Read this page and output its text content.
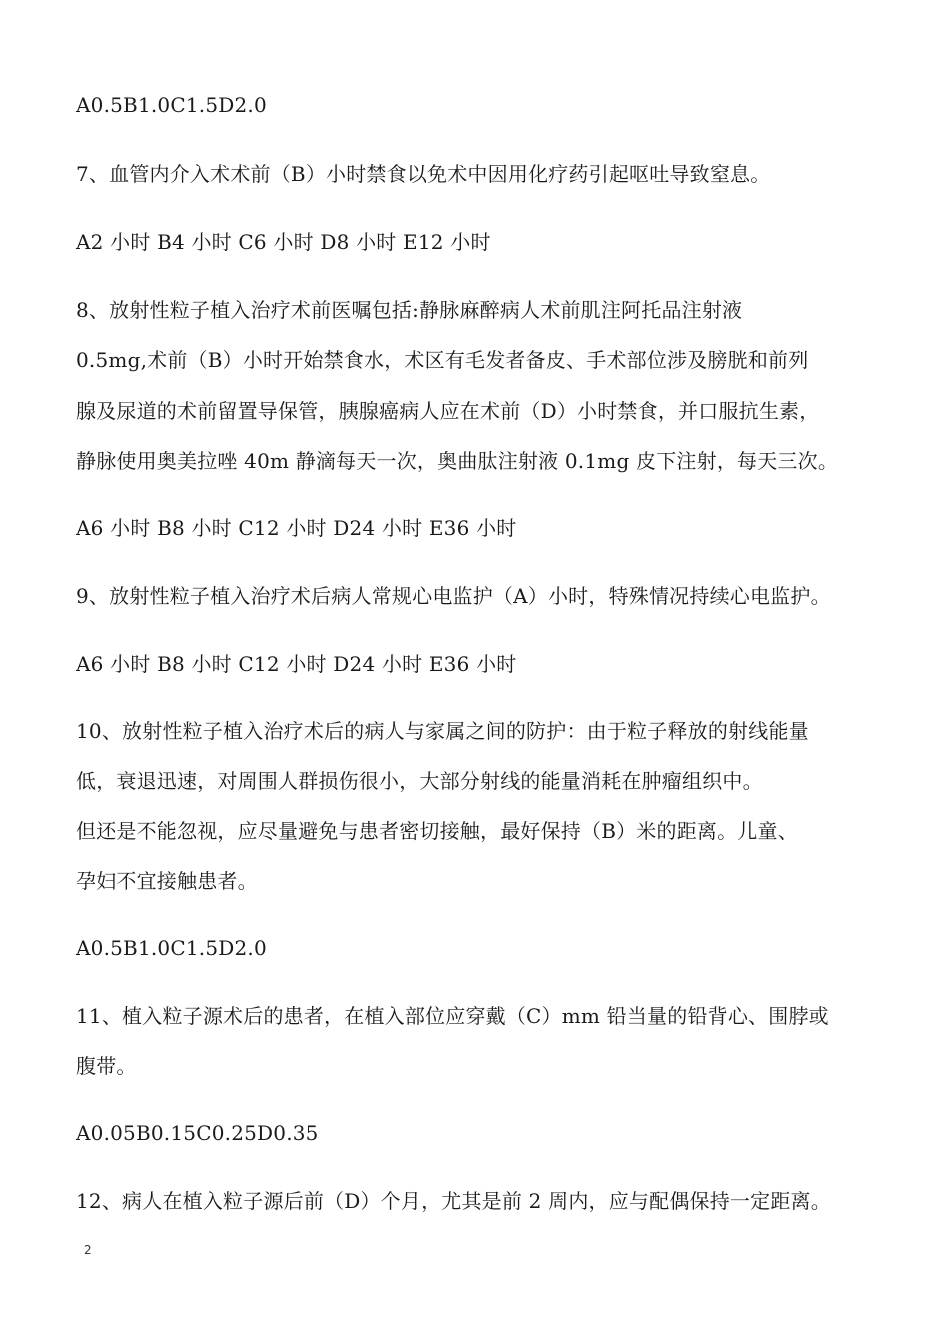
A0.5B1.0C1.5D2.0
7、血管内介入术术前（B）小时禁食以免术中因用化疗药引起呕吐导致窒息。
A2 小时 B4 小时 C6 小时 D8 小时 E12 小时
8、放射性粒子植入治疗术前医嘱包括:静脉麻醉病人术前肌注阿托品注射液
0.5mg,术前（B）小时开始禁食水，术区有毛发者备皮、手术部位涉及膀胱和前列
腺及尿道的术前留置导保管，胰腺癌病人应在术前（D）小时禁食，并口服抗生素，
静脉使用奥美拉唑 40m 静滴每天一次，奥曲肽注射液 0.1mg 皮下注射，每天三次。
A6 小时 B8 小时 C12 小时 D24 小时 E36 小时
9、放射性粒子植入治疗术后病人常规心电监护（A）小时，特殊情况持续心电监护。
A6 小时 B8 小时 C12 小时 D24 小时 E36 小时
10、放射性粒子植入治疗术后的病人与家属之间的防护：由于粒子释放的射线能量
低，衰退迅速，对周围人群损伤很小，大部分射线的能量消耗在肿瘤组织中。
但还是不能忽视，应尽量避免与患者密切接触，最好保持（B）米的距离。儿童、
孕妇不宜接触患者。
A0.5B1.0C1.5D2.0
11、植入粒子源术后的患者，在植入部位应穿戴（C）mm 铅当量的铅背心、围脖或
腹带。
A0.05B0.15C0.25D0.35
12、病人在植入粒子源后前（D）个月，尤其是前 2 周内，应与配偶保持一定距离。
2
